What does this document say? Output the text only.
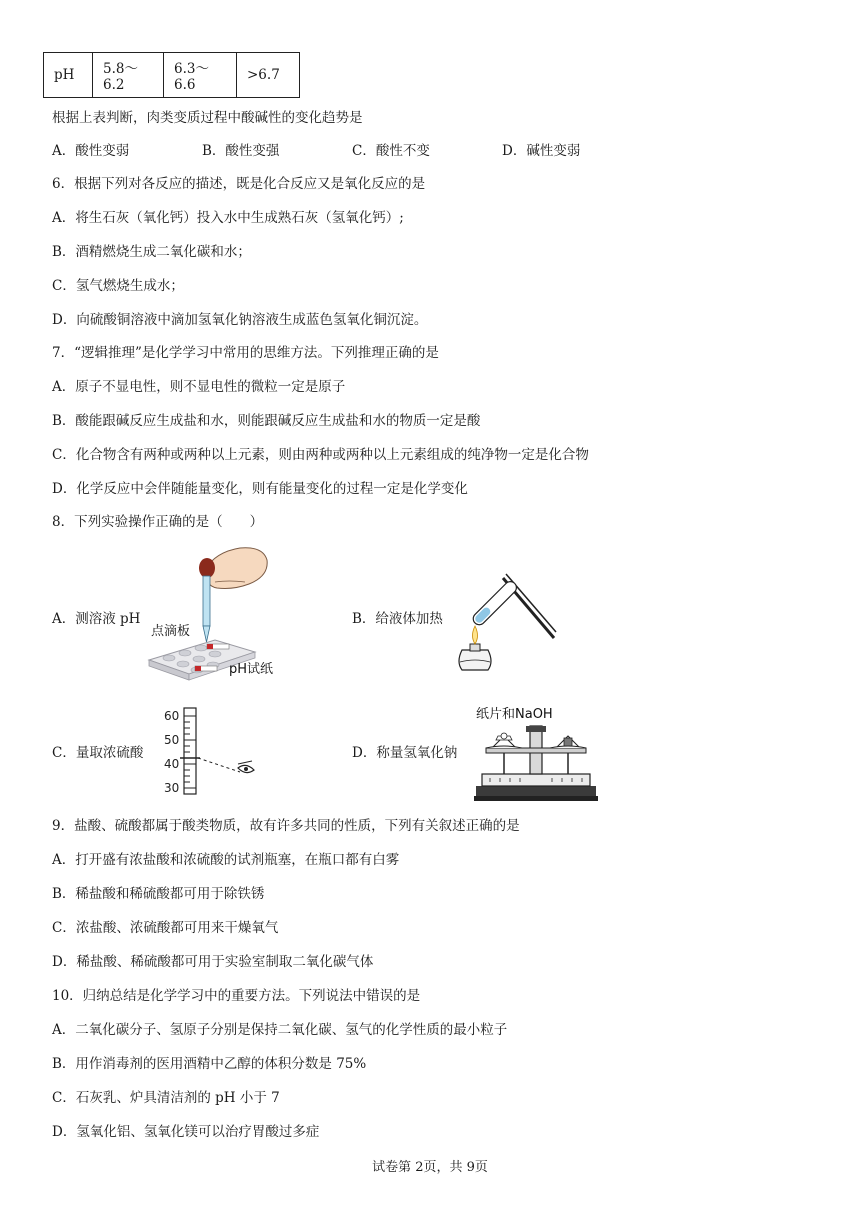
pH	5.8～6.2	6.3～6.6	>6.7
根据上表判断，肉类变质过程中酸碱性的变化趋势是
A．酸性变弱	B．酸性变强	C．酸性不变	D．碱性变弱
6．根据下列对各反应的描述，既是化合反应又是氧化反应的是
A．将生石灰（氧化钙）投入水中生成熟石灰（氢氧化钙）;
B．酒精燃烧生成二氧化碳和水；
C．氢气燃烧生成水；
D．向硫酸铜溶液中滴加氢氧化钠溶液生成蓝色氢氧化铜沉淀。
7．“逻辑推理”是化学学习中常用的思维方法。下列推理正确的是
A．原子不显电性，则不显电性的微粒一定是原子
B．酸能跟碱反应生成盐和水，则能跟碱反应生成盐和水的物质一定是酸
C．化合物含有两种或两种以上元素，则由两种或两种以上元素组成的纯净物一定是化合物
D．化学反应中会伴随能量变化，则有能量变化的过程一定是化学变化
8．下列实验操作正确的是（　　）
A．测溶液 pH	B．给液体加热
C．量取浓硫酸	D．称量氢氧化钠
点滴板
pH试纸
60
50
40
30
纸片和NaOH
9．盐酸、硫酸都属于酸类物质，故有许多共同的性质，下列有关叙述正确的是
A．打开盛有浓盐酸和浓硫酸的试剂瓶塞，在瓶口都有白雾
B．稀盐酸和稀硫酸都可用于除铁锈
C．浓盐酸、浓硫酸都可用来干燥氧气
D．稀盐酸、稀硫酸都可用于实验室制取二氧化碳气体
10．归纳总结是化学学习中的重要方法。下列说法中错误的是
A．二氧化碳分子、氢原子分别是保持二氧化碳、氢气的化学性质的最小粒子
B．用作消毒剂的医用酒精中乙醇的体积分数是 75%
C．石灰乳、炉具清洁剂的 pH 小于 7
D．氢氧化铝、氢氧化镁可以治疗胃酸过多症
试卷第 2页，共 9页
